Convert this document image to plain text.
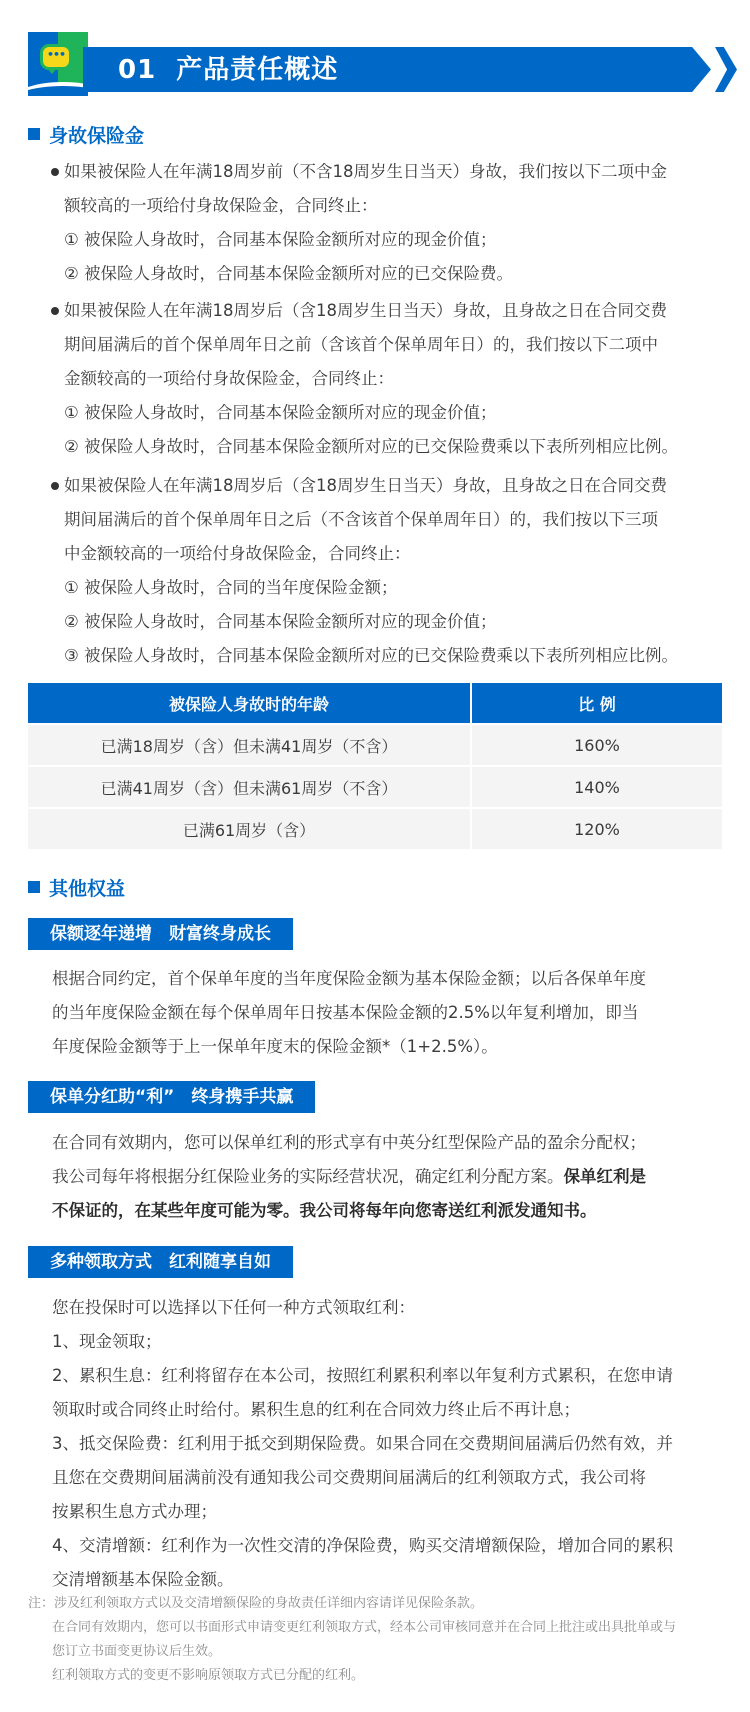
•••
01 产品责任概述
身故保险金
如果被保险人在年满18周岁前（不含18周岁生日当天）身故，我们按以下二项中金
额较高的一项给付身故保险金，合同终止：
① 被保险人身故时，合同基本保险金额所对应的现金价值；
② 被保险人身故时，合同基本保险金额所对应的已交保险费。
如果被保险人在年满18周岁后（含18周岁生日当天）身故，且身故之日在合同交费
期间届满后的首个保单周年日之前（含该首个保单周年日）的，我们按以下二项中
金额较高的一项给付身故保险金，合同终止：
① 被保险人身故时，合同基本保险金额所对应的现金价值；
② 被保险人身故时，合同基本保险金额所对应的已交保险费乘以下表所列相应比例。
如果被保险人在年满18周岁后（含18周岁生日当天）身故，且身故之日在合同交费
期间届满后的首个保单周年日之后（不含该首个保单周年日）的，我们按以下三项
中金额较高的一项给付身故保险金，合同终止：
① 被保险人身故时，合同的当年度保险金额；
② 被保险人身故时，合同基本保险金额所对应的现金价值；
③ 被保险人身故时，合同基本保险金额所对应的已交保险费乘以下表所列相应比例。
被保险人身故时的年龄	比 例
已满18周岁（含）但未满41周岁（不含）	160%
已满41周岁（含）但未满61周岁（不含）	140%
已满61周岁（含）	120%
其他权益
保额逐年递增　财富终身成长
根据合同约定，首个保单年度的当年度保险金额为基本保险金额；以后各保单年度
的当年度保险金额在每个保单周年日按基本保险金额的2.5%以年复利增加，即当
年度保险金额等于上一保单年度末的保险金额*（1+2.5%）。
保单分红助“利”　终身携手共赢
在合同有效期内，您可以保单红利的形式享有中英分红型保险产品的盈余分配权；
我公司每年将根据分红保险业务的实际经营状况，确定红利分配方案。保单红利是
不保证的，在某些年度可能为零。我公司将每年向您寄送红利派发通知书。
多种领取方式　红利随享自如
您在投保时可以选择以下任何一种方式领取红利：
1、现金领取；
2、累积生息：红利将留存在本公司，按照红利累积利率以年复利方式累积，在您申请
领取时或合同终止时给付。累积生息的红利在合同效力终止后不再计息；
3、抵交保险费：红利用于抵交到期保险费。如果合同在交费期间届满后仍然有效，并
且您在交费期间届满前没有通知我公司交费期间届满后的红利领取方式，我公司将
按累积生息方式办理；
4、交清增额：红利作为一次性交清的净保险费，购买交清增额保险，增加合同的累积
交清增额基本保险金额。
注：涉及红利领取方式以及交清增额保险的身故责任详细内容请详见保险条款。
在合同有效期内，您可以书面形式申请变更红利领取方式，经本公司审核同意并在合同上批注或出具批单或与
您订立书面变更协议后生效。
红利领取方式的变更不影响原领取方式已分配的红利。
